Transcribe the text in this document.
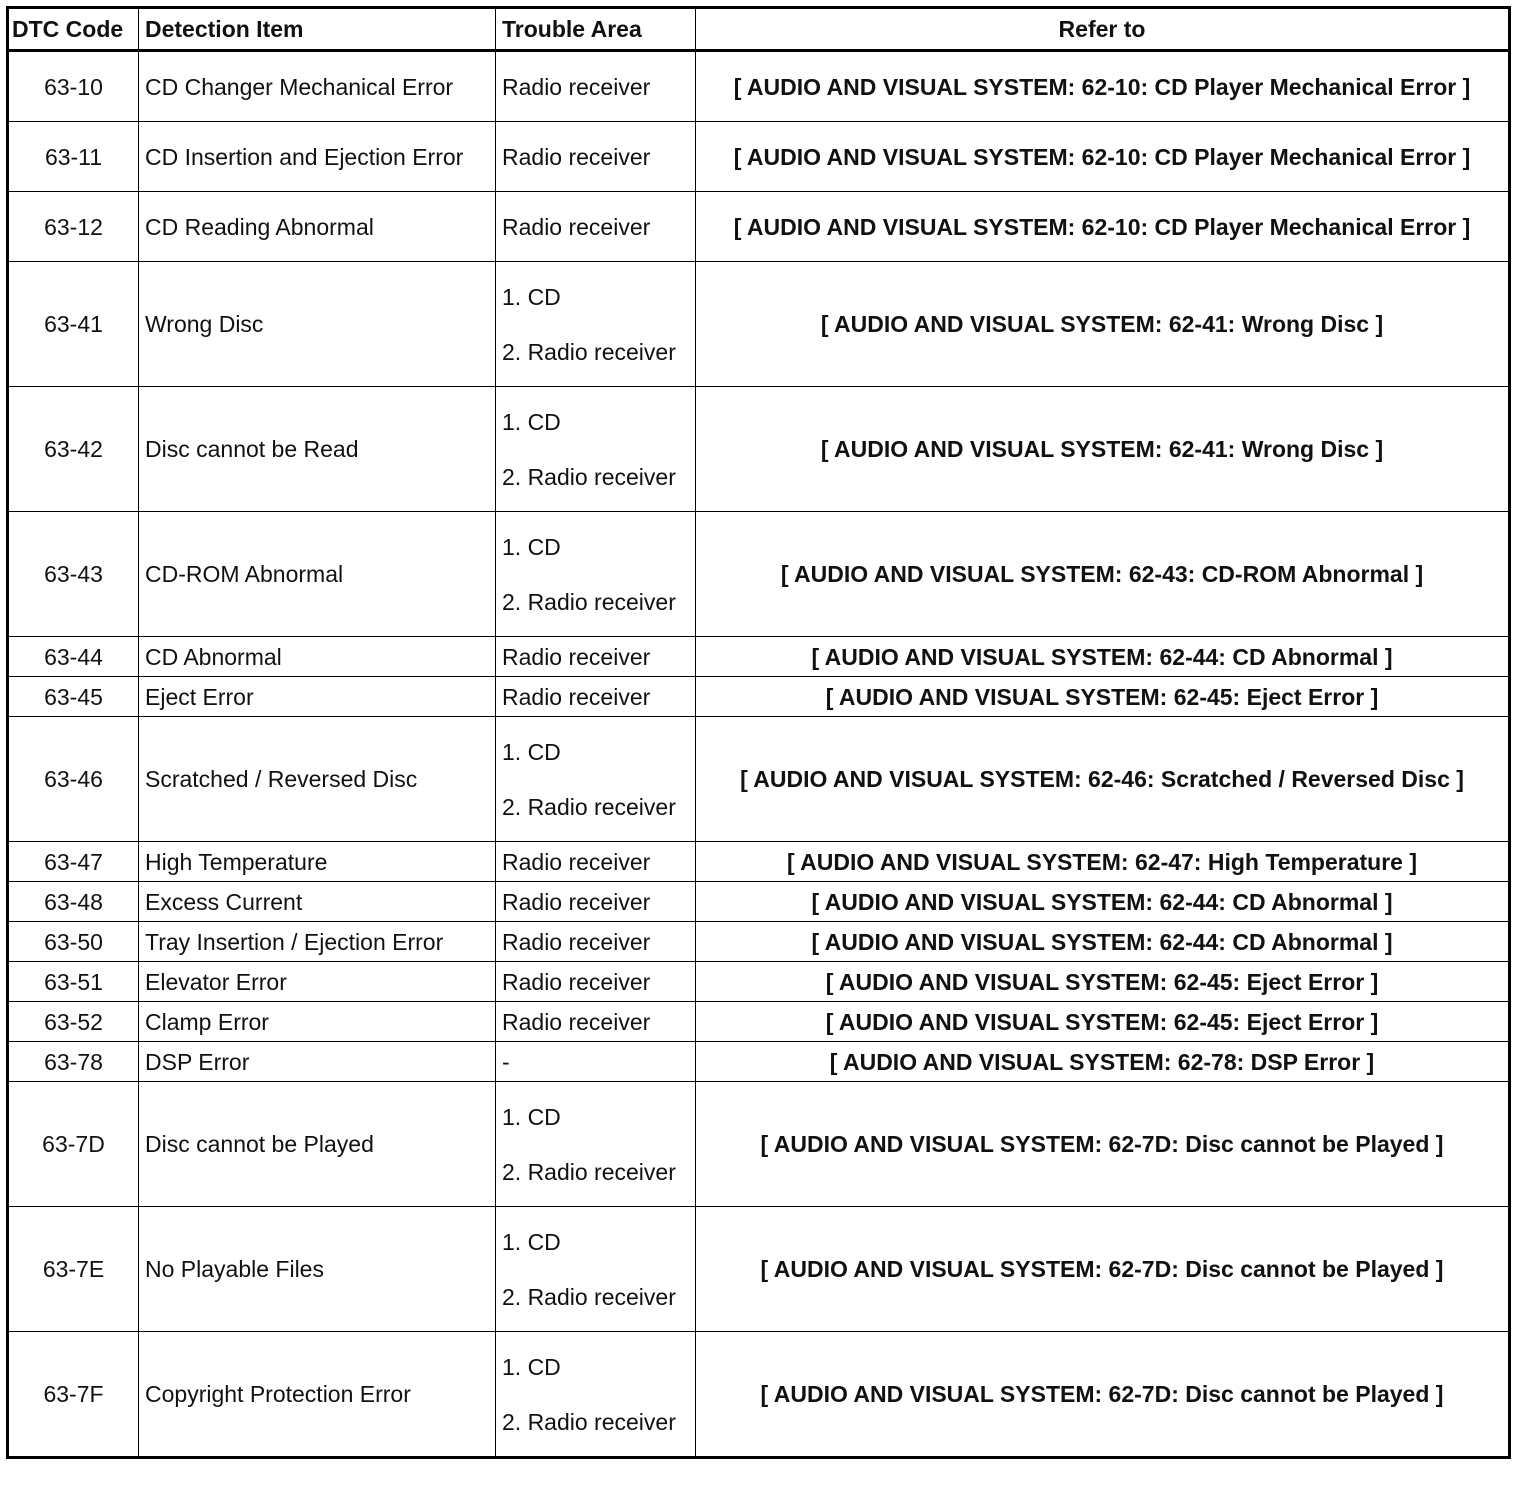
DTC Code	Detection Item	Trouble Area	Refer to
63-10	CD Changer Mechanical Error	Radio receiver	[ AUDIO AND VISUAL SYSTEM: 62-10: CD Player Mechanical Error ]
63-11	CD Insertion and Ejection Error	Radio receiver	[ AUDIO AND VISUAL SYSTEM: 62-10: CD Player Mechanical Error ]
63-12	CD Reading Abnormal	Radio receiver	[ AUDIO AND VISUAL SYSTEM: 62-10: CD Player Mechanical Error ]
63-41	Wrong Disc	1. CD
2. Radio receiver	[ AUDIO AND VISUAL SYSTEM: 62-41: Wrong Disc ]
63-42	Disc cannot be Read	1. CD
2. Radio receiver	[ AUDIO AND VISUAL SYSTEM: 62-41: Wrong Disc ]
63-43	CD-ROM Abnormal	1. CD
2. Radio receiver	[ AUDIO AND VISUAL SYSTEM: 62-43: CD-ROM Abnormal ]
63-44	CD Abnormal	Radio receiver	[ AUDIO AND VISUAL SYSTEM: 62-44: CD Abnormal ]
63-45	Eject Error	Radio receiver	[ AUDIO AND VISUAL SYSTEM: 62-45: Eject Error ]
63-46	Scratched / Reversed Disc	1. CD
2. Radio receiver	[ AUDIO AND VISUAL SYSTEM: 62-46: Scratched / Reversed Disc ]
63-47	High Temperature	Radio receiver	[ AUDIO AND VISUAL SYSTEM: 62-47: High Temperature ]
63-48	Excess Current	Radio receiver	[ AUDIO AND VISUAL SYSTEM: 62-44: CD Abnormal ]
63-50	Tray Insertion / Ejection Error	Radio receiver	[ AUDIO AND VISUAL SYSTEM: 62-44: CD Abnormal ]
63-51	Elevator Error	Radio receiver	[ AUDIO AND VISUAL SYSTEM: 62-45: Eject Error ]
63-52	Clamp Error	Radio receiver	[ AUDIO AND VISUAL SYSTEM: 62-45: Eject Error ]
63-78	DSP Error	-	[ AUDIO AND VISUAL SYSTEM: 62-78: DSP Error ]
63-7D	Disc cannot be Played	1. CD
2. Radio receiver	[ AUDIO AND VISUAL SYSTEM: 62-7D: Disc cannot be Played ]
63-7E	No Playable Files	1. CD
2. Radio receiver	[ AUDIO AND VISUAL SYSTEM: 62-7D: Disc cannot be Played ]
63-7F	Copyright Protection Error	1. CD
2. Radio receiver	[ AUDIO AND VISUAL SYSTEM: 62-7D: Disc cannot be Played ]
